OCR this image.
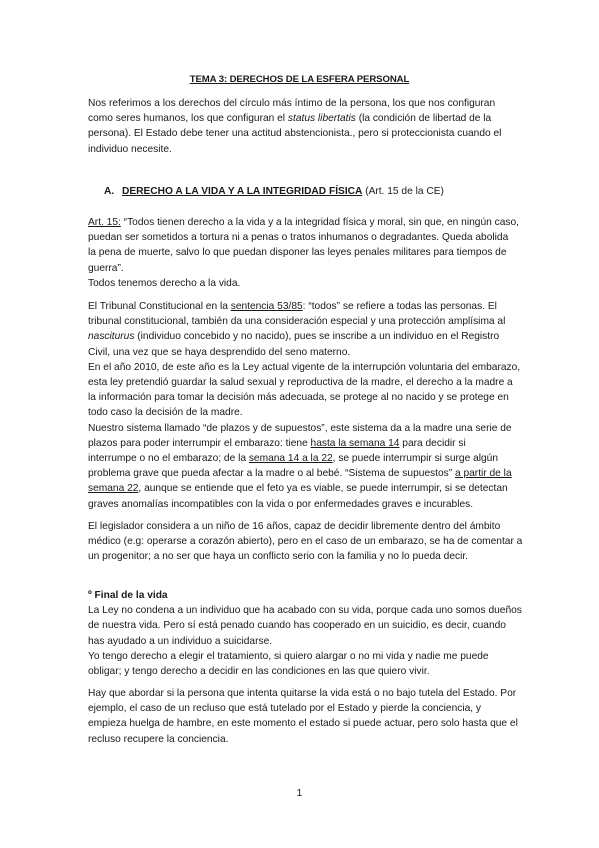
TEMA 3: DERECHOS DE LA ESFERA PERSONAL
Nos referimos a los derechos del círculo más íntimo de la persona, los que nos configuran
como seres humanos, los que configuran el status libertatis (la condición de libertad de la
persona). El Estado debe tener una actitud abstencionista., pero si proteccionista cuando el
individuo necesite.
A. DERECHO A LA VIDA Y A LA INTEGRIDAD FÍSICA (Art. 15 de la CE)
Art. 15: “Todos tienen derecho a la vida y a la integridad física y moral, sin que, en ningún caso,
puedan ser sometidos a tortura ni a penas o tratos inhumanos o degradantes. Queda abolida
la pena de muerte, salvo lo que puedan disponer las leyes penales militares para tiempos de
guerra”.
Todos tenemos derecho a la vida.
El Tribunal Constitucional en la sentencia 53/85: “todos” se refiere a todas las personas. El
tribunal constitucional, también da una consideración especial y una protección amplísima al
nasciturus (individuo concebido y no nacido), pues se inscribe a un individuo en el Registro
Civil, una vez que se haya desprendido del seno materno.
En el año 2010, de este año es la Ley actual vigente de la interrupción voluntaria del embarazo,
esta ley pretendió guardar la salud sexual y reproductiva de la madre, el derecho a la madre a
la información para tomar la decisión más adecuada, se protege al no nacido y se protege en
todo caso la decisión de la madre.
Nuestro sistema llamado “de plazos y de supuestos”, este sistema da a la madre una serie de
plazos para poder interrumpir el embarazo: tiene hasta la semana 14 para decidir si
interrumpe o no el embarazo; de la semana 14 a la 22, se puede interrumpir si surge algún
problema grave que pueda afectar a la madre o al bebé. “Sistema de supuestos” a partir de la
semana 22, aunque se entiende que el feto ya es viable, se puede interrumpir, si se detectan
graves anomalías incompatibles con la vida o por enfermedades graves e incurables.
El legislador considera a un niño de 16 años, capaz de decidir libremente dentro del ámbito
médico (e.g: operarse a corazón abierto), pero en el caso de un embarazo, se ha de comentar a
un progenitor; a no ser que haya un conflicto serio con la familia y no lo pueda decir.
º Final de la vida
La Ley no condena a un individuo que ha acabado con su vida, porque cada uno somos dueños
de nuestra vida. Pero sí está penado cuando has cooperado en un suicidio, es decir, cuando
has ayudado a un individuo a suicidarse.
Yo tengo derecho a elegir el tratamiento, si quiero alargar o no mi vida y nadie me puede
obligar; y tengo derecho a decidir en las condiciones en las que quiero vivir.
Hay que abordar si la persona que intenta quitarse la vida está o no bajo tutela del Estado. Por
ejemplo, el caso de un recluso que está tutelado por el Estado y pierde la conciencia, y
empieza huelga de hambre, en este momento el estado si puede actuar, pero solo hasta que el
recluso recupere la conciencia.
1
